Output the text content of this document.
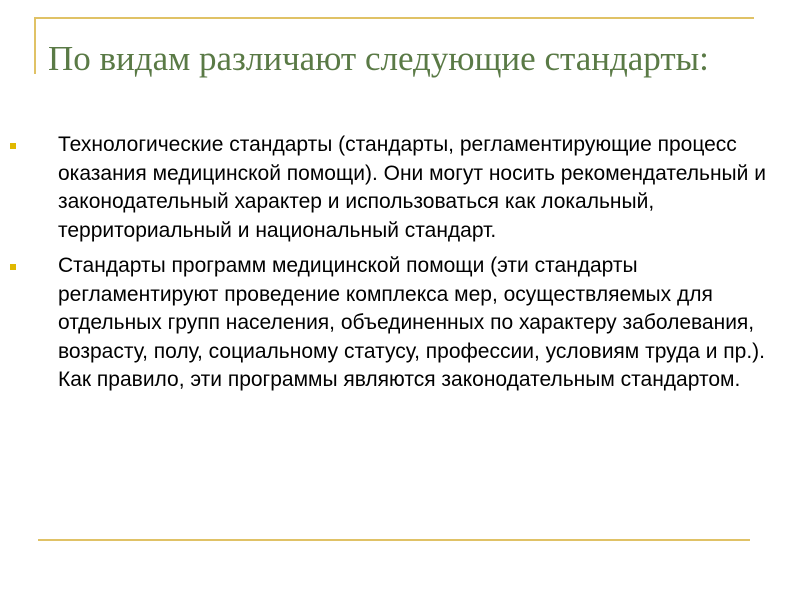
По видам различают следующие стандарты:
Технологические стандарты (стандарты, регламентирующие процесс оказания медицинской помощи). Они могут носить рекомендательный и законодательный характер и использоваться как локальный, территориальный и национальный стандарт.
Стандарты программ медицинской помощи (эти стандарты регламентируют проведение комплекса мер, осуществляемых для отдельных групп населения, объединенных по характеру заболевания, возрасту, полу, социальному статусу, профессии, условиям труда и пр.). Как правило, эти программы являются законодательным стандартом.
